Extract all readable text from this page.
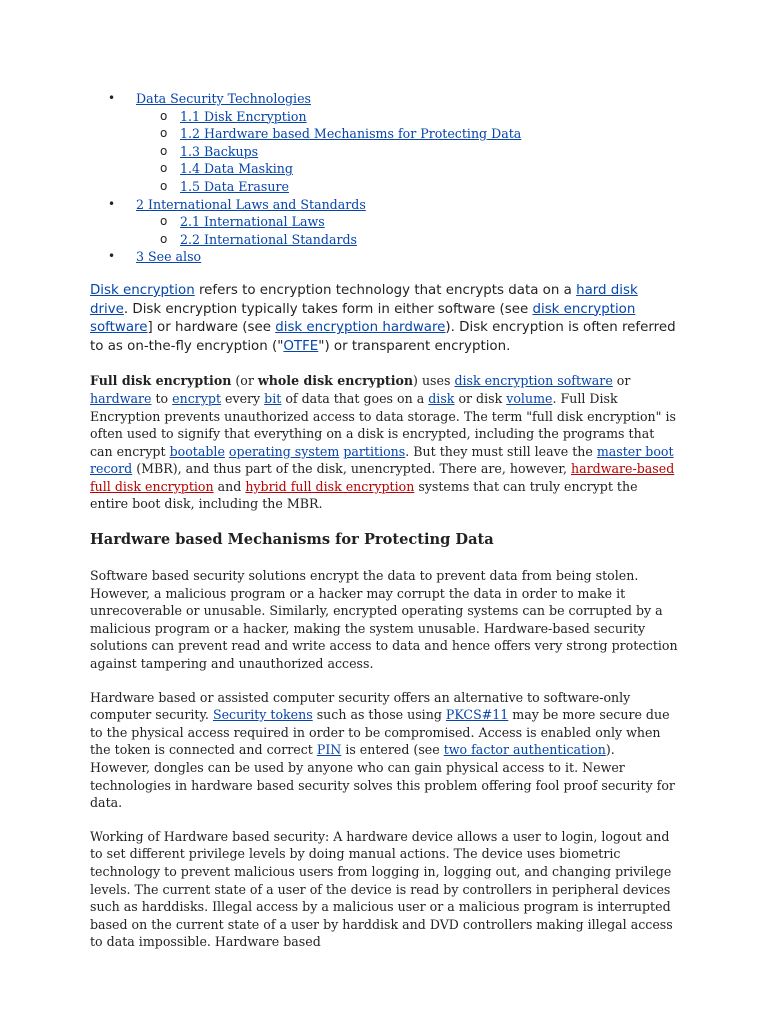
• Data Security Technologies
o 1.1 Disk Encryption
o 1.2 Hardware based Mechanisms for Protecting Data
o 1.3 Backups
o 1.4 Data Masking
o 1.5 Data Erasure
• 2 International Laws and Standards
o 2.1 International Laws
o 2.2 International Standards
• 3 See also

Disk encryption refers to encryption technology that encrypts data on a hard disk drive. Disk encryption typically takes form in either software (see disk encryption software] or hardware (see disk encryption hardware). Disk encryption is often referred to as on-the-fly encryption ("OTFE") or transparent encryption.

Full disk encryption (or whole disk encryption) uses disk encryption software or hardware to encrypt every bit of data that goes on a disk or disk volume. Full Disk Encryption prevents unauthorized access to data storage. The term "full disk encryption" is often used to signify that everything on a disk is encrypted, including the programs that can encrypt bootable operating system partitions. But they must still leave the master boot record (MBR), and thus part of the disk, unencrypted. There are, however, hardware-based full disk encryption and hybrid full disk encryption systems that can truly encrypt the entire boot disk, including the MBR.

Hardware based Mechanisms for Protecting Data

Software based security solutions encrypt the data to prevent data from being stolen. However, a malicious program or a hacker may corrupt the data in order to make it unrecoverable or unusable. Similarly, encrypted operating systems can be corrupted by a malicious program or a hacker, making the system unusable. Hardware-based security solutions can prevent read and write access to data and hence offers very strong protection against tampering and unauthorized access.

Hardware based or assisted computer security offers an alternative to software-only computer security. Security tokens such as those using PKCS#11 may be more secure due to the physical access required in order to be compromised. Access is enabled only when the token is connected and correct PIN is entered (see two factor authentication). However, dongles can be used by anyone who can gain physical access to it. Newer technologies in hardware based security solves this problem offering fool proof security for data.

Working of Hardware based security: A hardware device allows a user to login, logout and to set different privilege levels by doing manual actions. The device uses biometric technology to prevent malicious users from logging in, logging out, and changing privilege levels. The current state of a user of the device is read by controllers in peripheral devices such as harddisks. Illegal access by a malicious user or a malicious program is interrupted based on the current state of a user by harddisk and DVD controllers making illegal access to data impossible. Hardware based
